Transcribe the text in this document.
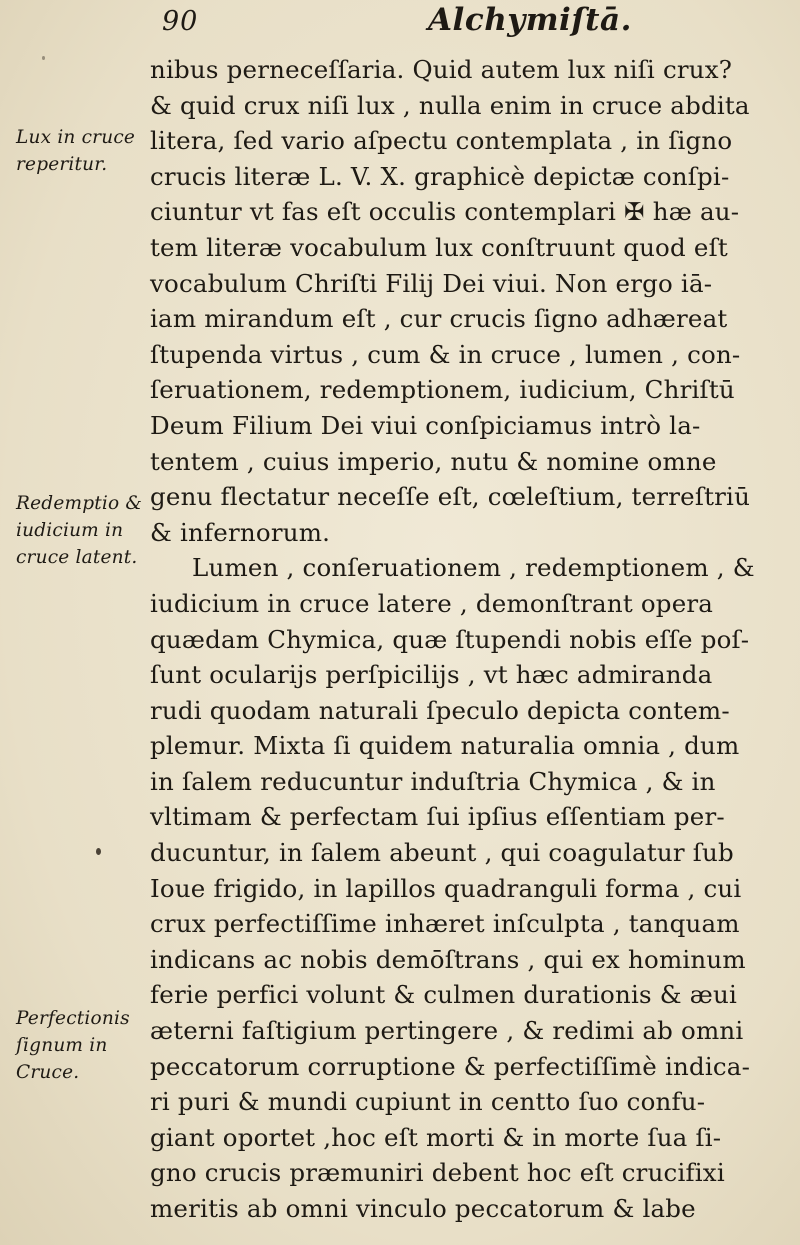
90	Alchymiſtā.
Lux in cruce
reperitur.
Redemptio &
iudicium in
cruce latent.
Perfectionis
ſignum in
Cruce.
nibus perneceſſaria. Quid autem lux niſi crux?
& quid crux niſi lux , nulla enim in cruce abdita
litera, ſed vario aſpectu contemplata , in ſigno
crucis literæ L. V. X. graphicè depictæ conſpi-
ciuntur vt fas eſt occulis contemplari ✠ hæ au-
tem literæ vocabulum lux conſtruunt quod eſt
vocabulum Chriſti Filij Dei viui. Non ergo iā-
iam mirandum eſt , cur crucis ſigno adhæreat
ſtupenda virtus , cum & in cruce , lumen , con-
ſeruationem, redemptionem, iudicium, Chriſtū
Deum Filium Dei viui conſpiciamus intrò la-
tentem , cuius imperio, nutu & nomine omne
genu flectatur neceſſe eſt, cœleſtium, terreſtriū
& infernorum.
Lumen , conſeruationem , redemptionem , &
iudicium in cruce latere , demonſtrant opera
quædam Chymica, quæ ſtupendi nobis eſſe poſ-
ſunt ocularijs perſpicilijs , vt hæc admiranda
rudi quodam naturali ſpeculo depicta contem-
plemur. Mixta ſi quidem naturalia omnia , dum
in ſalem reducuntur induſtria Chymica , & in
vltimam & perfectam ſui ipſius eſſentiam per-
ducuntur, in ſalem abeunt , qui coagulatur ſub
Ioue frigido, in lapillos quadranguli forma , cui
crux perfectiſſime inhæret inſculpta , tanquam
indicans ac nobis demōſtrans , qui ex hominum
ferie perfici volunt & culmen durationis & æui
æterni faſtigium pertingere , & redimi ab omni
peccatorum corruptione & perfectiſſimè indica-
ri puri & mundi cupiunt in centto ſuo confu-
giant oportet ,hoc eſt morti & in morte ſua ſi-
gno crucis præmuniri debent hoc eſt crucifixi
meritis ab omni vinculo peccatorum & labe
